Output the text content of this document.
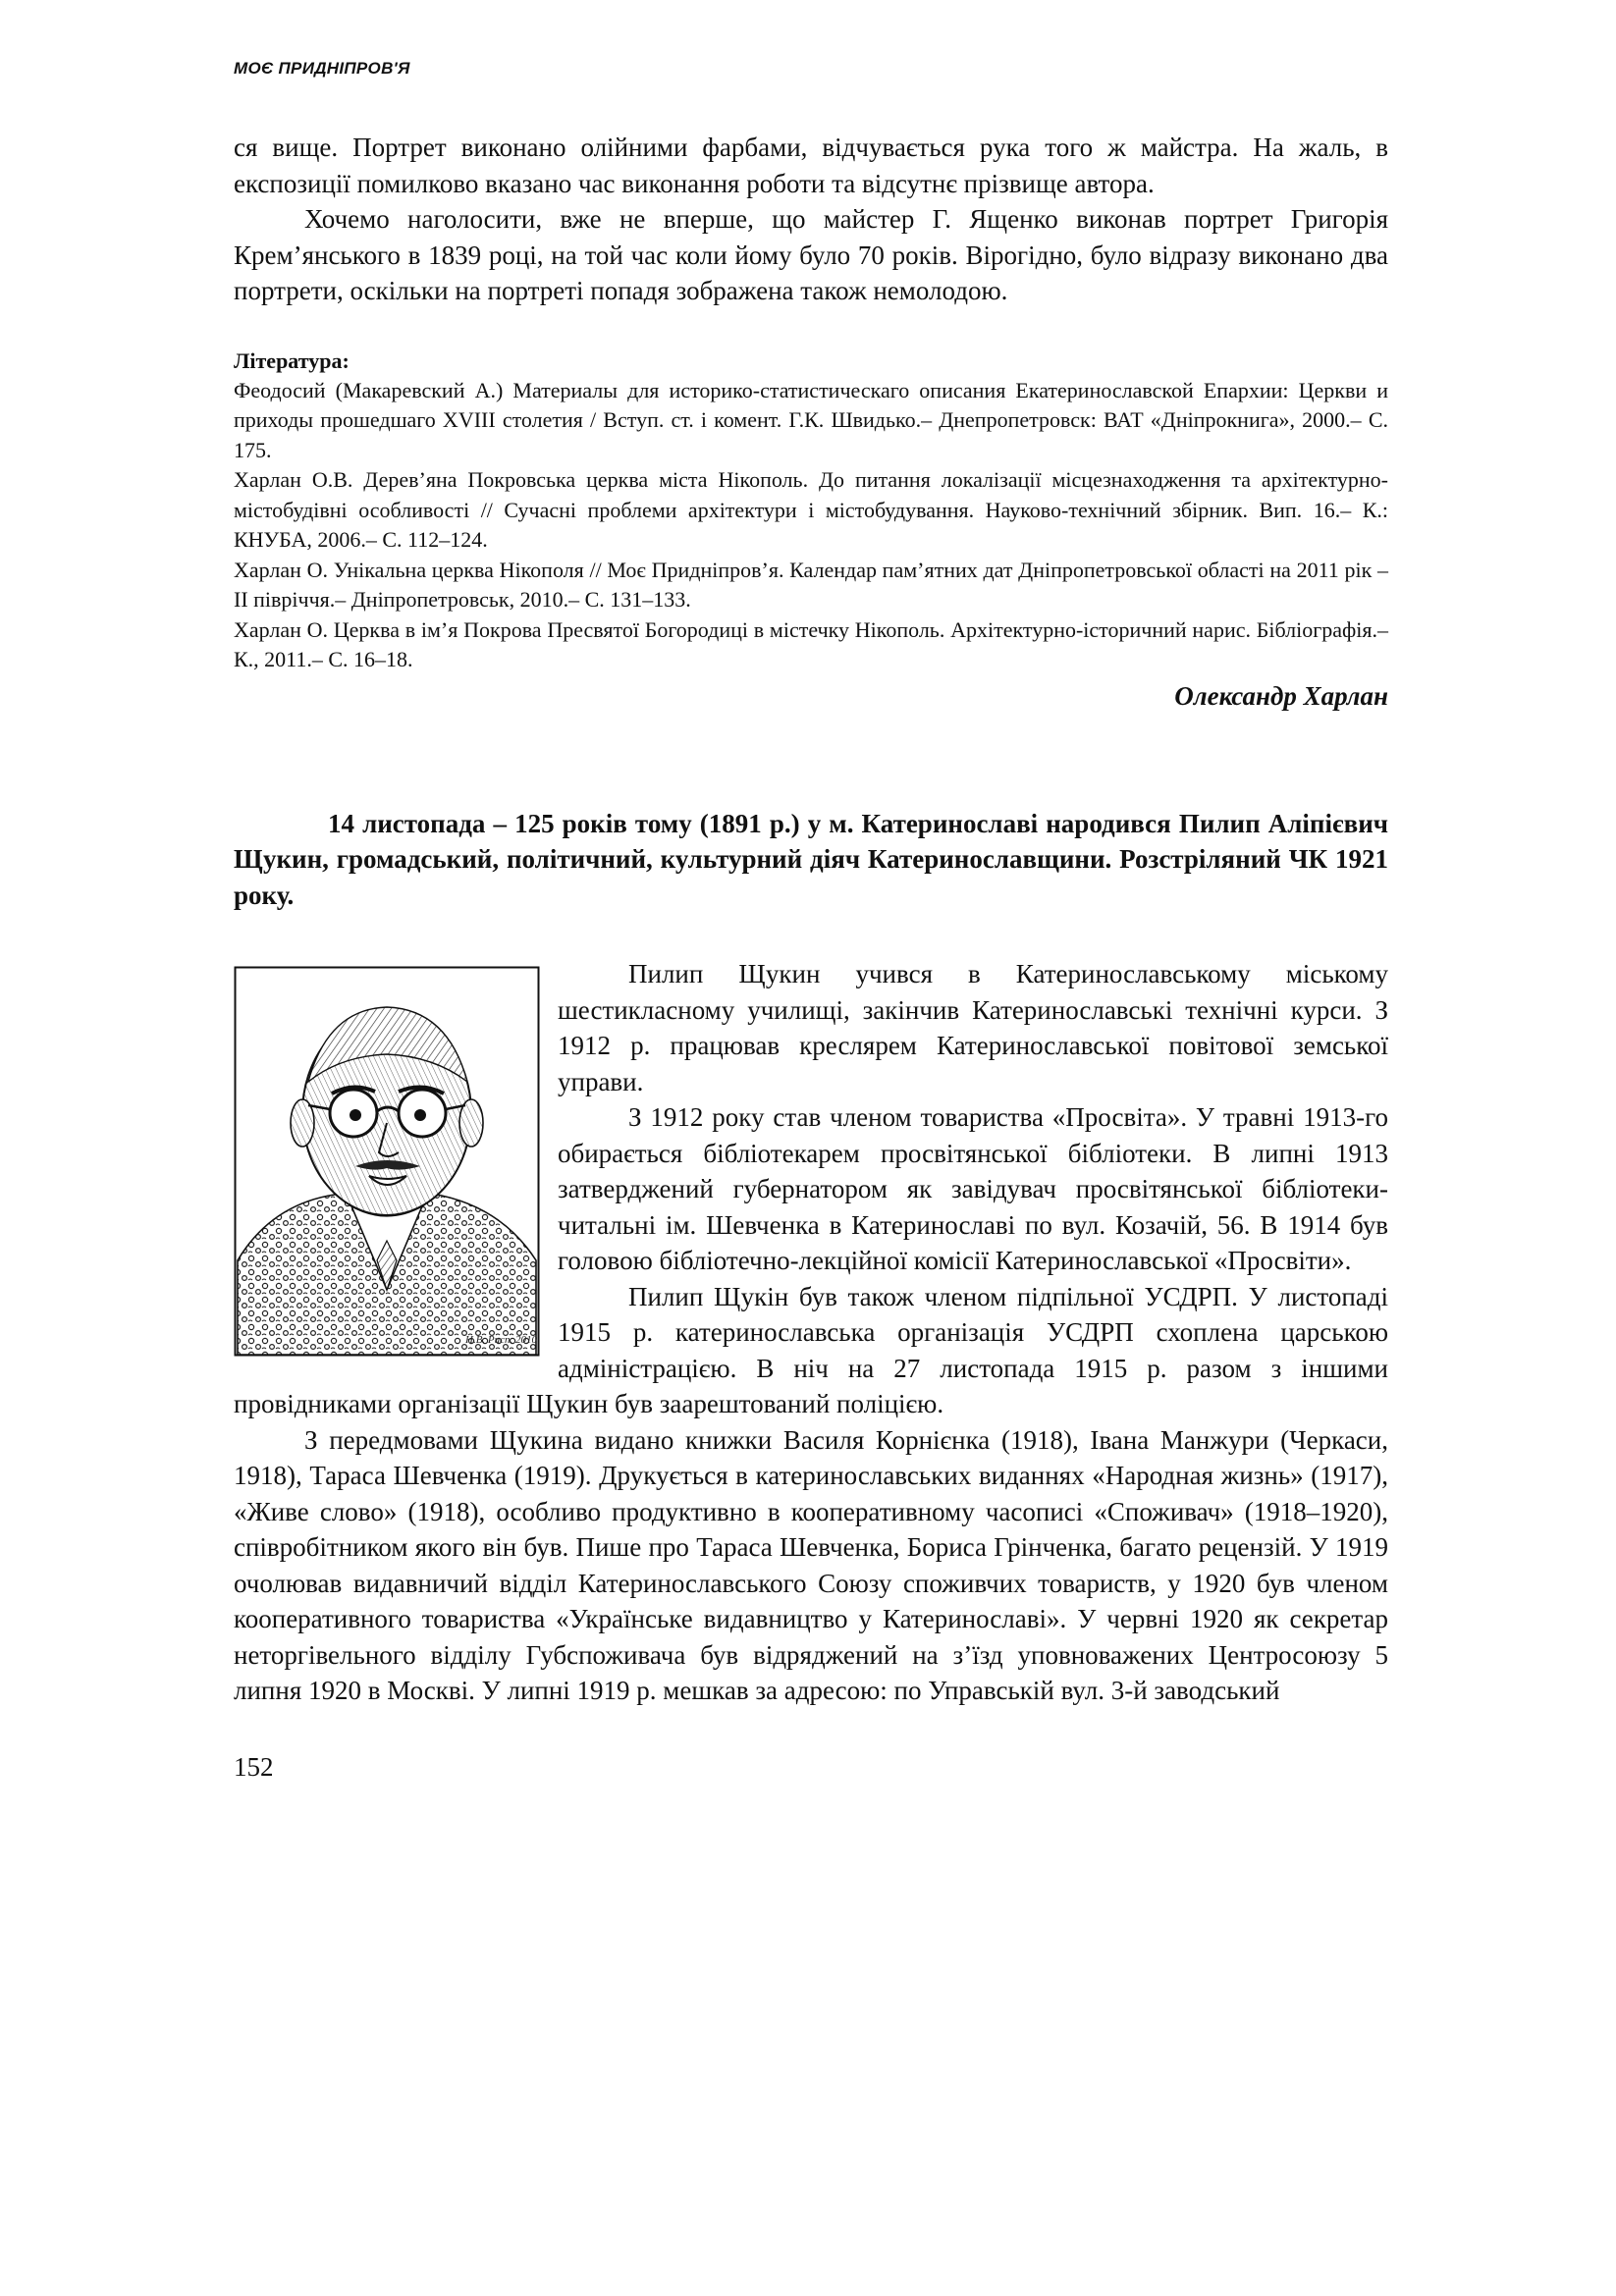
МОЄ ПРИДНІПРОВ'Я

ся вище. Портрет виконано олійними фарбами, відчувається рука того ж майстра. На жаль, в експозиції помилково вказано час виконання роботи та відсутнє прізвище автора.

Хочемо наголосити, вже не вперше, що майстер Г. Ященко виконав портрет Григорія Крем’янського в 1839 році, на той час коли йому було 70 років. Вірогідно, було відразу виконано два портрети, оскільки на портреті попадя зображена також немолодою.

Література:

Феодосий (Макаревский А.) Материалы для историко-статистическаго описания Екатеринославской Епархии: Церкви и приходы прошедшаго XVIII столетия / Вступ. ст. і комент. Г.К. Швидько.– Днепропетровск: ВАТ «Дніпрокнига», 2000.– С. 175.

Харлан О.В. Дерев’яна Покровська церква міста Нікополь. До питання локалізації місцезнаходження та архітектурно-містобудівні особливості // Сучасні проблеми архітектури і містобудування. Науково-технічний збірник. Вип. 16.– К.: КНУБА, 2006.– С. 112–124.

Харлан О. Унікальна церква Нікополя // Моє Придніпров’я. Календар пам’ятних дат Дніпропетровської області на 2011 рік – ІІ півріччя.– Дніпропетровськ, 2010.– С. 131–133.

Харлан О. Церква в ім’я Покрова Пресвятої Богородиці в містечку Нікополь. Архітектурно-історичний нарис. Бібліографія.– К., 2011.– С. 16–18.

Олександр Харлан

14 листопада – 125 років тому (1891 р.) у м. Катеринославі народився Пилип Аліпієвич Щукин, громадський, політичний, культурний діяч Катеринославщини. Розстріляний ЧК 1921 року.

H.B. Pucn. 2010

Пилип Щукин учився в Катеринославському міському шестикласному училищі, закінчив Катеринославські технічні курси. З 1912 р. працював креслярем Катеринославської повітової земської управи.

З 1912 року став членом товариства «Просвіта». У травні 1913-го обирається бібліотекарем просвітянської бібліотеки. В липні 1913 затверджений губернатором як завідувач просвітянської бібліотеки-читальні ім. Шевченка в Катеринославі по вул. Козачій, 56. В 1914 був головою бібліотечно-лекційної комісії Катеринославської «Просвіти».

Пилип Щукін був також членом підпільної УСДРП. У листопаді 1915 р. катеринославська організація УСДРП схоплена царською адміністрацією. В ніч на 27 листопада 1915 р. разом з іншими провідниками організації Щукин був заарештований поліцією.

З передмовами Щукина видано книжки Василя Корнієнка (1918), Івана Манжури (Черкаси, 1918), Тараса Шевченка (1919). Друкується в катеринославських виданнях «Народная жизнь» (1917), «Живе слово» (1918), особливо продуктивно в кооперативному часописі «Споживач» (1918–1920), співробітником якого він був. Пише про Тараса Шевченка, Бориса Грінченка, багато рецензій. У 1919 очолював видавничий відділ Катеринославського Союзу споживчих товариств, у 1920 був членом кооперативного товариства «Українське видавництво у Катеринославі». У червні 1920 як секретар неторгівельного відділу Губспоживача був відряджений на з’їзд уповноважених Центросоюзу 5 липня 1920 в Москві. У липні 1919 р. мешкав за адресою: по Управській вул. 3-й заводський

152
